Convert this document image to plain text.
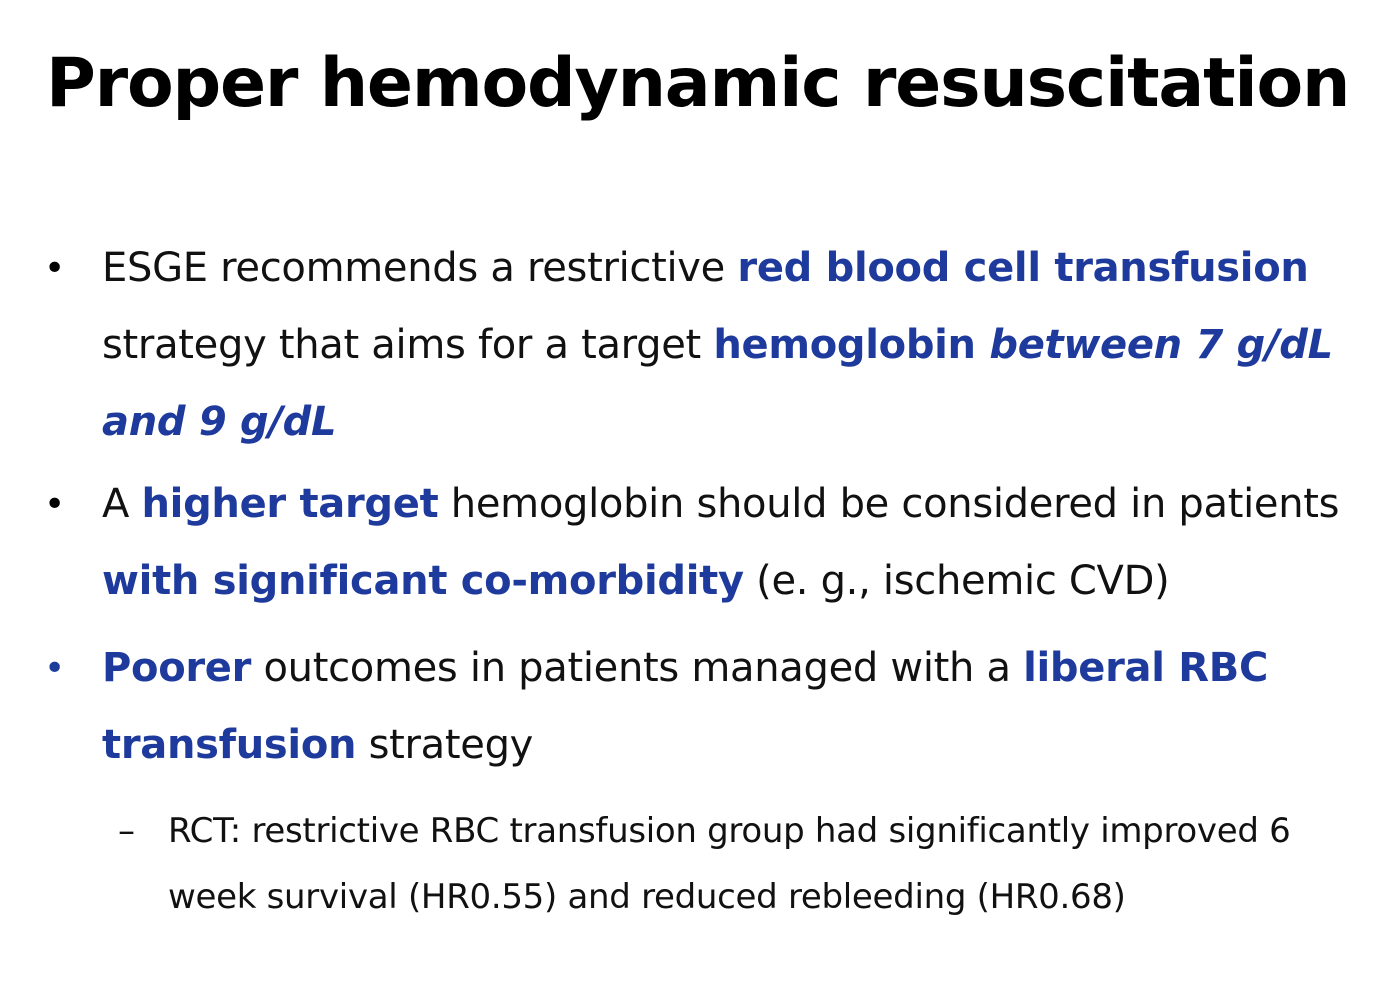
Proper hemodynamic resuscitation
• ESGE recommends a restrictive red blood cell transfusion strategy that aims for a target hemoglobin between 7 g/dL and 9 g/dL
• A higher target hemoglobin should be considered in patients with significant co-morbidity (e. g., ischemic CVD)
• Poorer outcomes in patients managed with a liberal RBC transfusion strategy
– RCT: restrictive RBC transfusion group had significantly improved 6 week survival (HR0.55) and reduced rebleeding (HR0.68)
